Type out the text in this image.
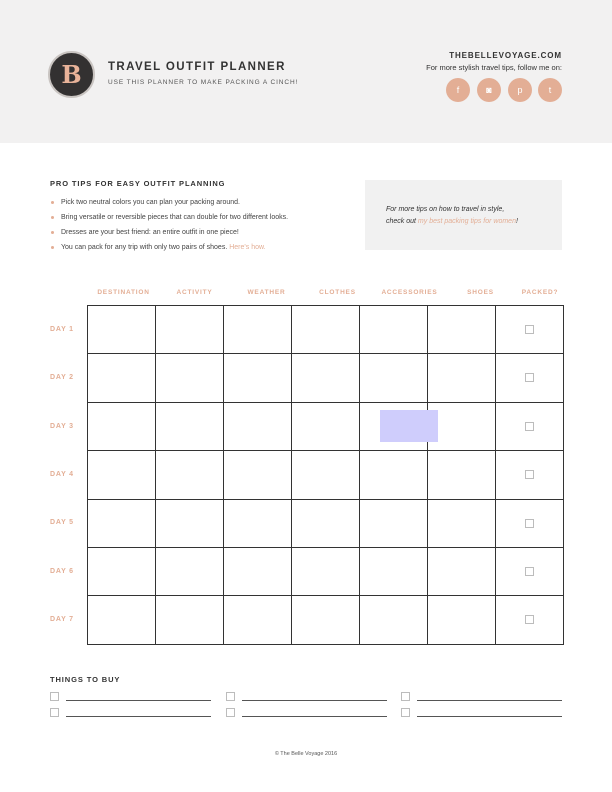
B	TRAVEL OUTFIT PLANNER
USE THIS PLANNER TO MAKE PACKING A CINCH!
THEBELLEVOYAGE.COM
For more stylish travel tips, follow me on:
f	◙	p	t
PRO TIPS FOR EASY OUTFIT PLANNING
Pick two neutral colors you can plan your packing around.
Bring versatile or reversible pieces that can double for two different looks.
Dresses are your best friend: an entire outfit in one piece!
You can pack for any trip with only two pairs of shoes. Here's how.
For more tips on how to travel in style,
check out my best packing tips for women!
DESTINATION	ACTIVITY	WEATHER	CLOTHES	ACCESSORIES	SHOES	PACKED?
DAY 1
DAY 2
DAY 3
DAY 4
DAY 5
DAY 6
DAY 7

THINGS TO BUY
© The Belle Voyage 2016
